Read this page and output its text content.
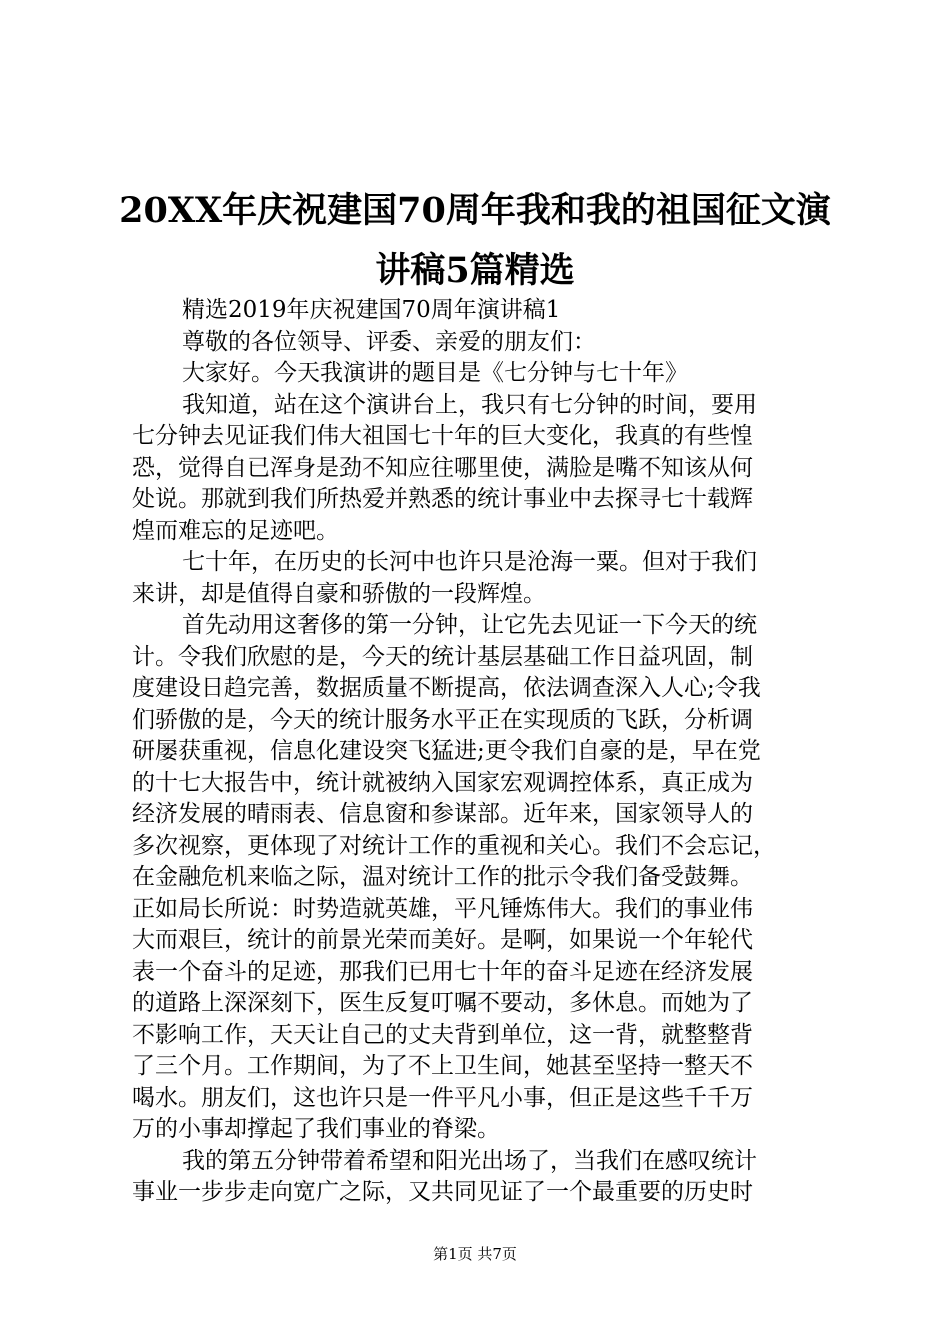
20XX年庆祝建国70周年我和我的祖国征文演
讲稿5篇精选

精选2019年庆祝建国70周年演讲稿1

尊敬的各位领导、评委、亲爱的朋友们：

大家好。今天我演讲的题目是《七分钟与七十年》

我知道，站在这个演讲台上，我只有七分钟的时间，要用
七分钟去见证我们伟大祖国七十年的巨大变化，我真的有些惶
恐，觉得自已浑身是劲不知应往哪里使，满脸是嘴不知该从何
处说。那就到我们所热爱并熟悉的统计事业中去探寻七十载辉
煌而难忘的足迹吧。

七十年，在历史的长河中也许只是沧海一粟。但对于我们
来讲，却是值得自豪和骄傲的一段辉煌。

首先动用这奢侈的第一分钟，让它先去见证一下今天的统
计。令我们欣慰的是，今天的统计基层基础工作日益巩固，制
度建设日趋完善，数据质量不断提高，依法调查深入人心;令我
们骄傲的是，今天的统计服务水平正在实现质的飞跃，分析调
研屡获重视，信息化建设突飞猛进;更令我们自豪的是，早在党
的十七大报告中，统计就被纳入国家宏观调控体系，真正成为
经济发展的晴雨表、信息窗和参谋部。近年来，国家领导人的
多次视察，更体现了对统计工作的重视和关心。我们不会忘记，
在金融危机来临之际，温对统计工作的批示令我们备受鼓舞。
正如局长所说：时势造就英雄，平凡锤炼伟大。我们的事业伟
大而艰巨，统计的前景光荣而美好。是啊，如果说一个年轮代
表一个奋斗的足迹，那我们已用七十年的奋斗足迹在经济发展
的道路上深深刻下，医生反复叮嘱不要动，多休息。而她为了
不影响工作，天天让自己的丈夫背到单位，这一背，就整整背
了三个月。工作期间，为了不上卫生间，她甚至坚持一整天不
喝水。朋友们，这也许只是一件平凡小事，但正是这些千千万
万的小事却撑起了我们事业的脊梁。

我的第五分钟带着希望和阳光出场了，当我们在感叹统计
事业一步步走向宽广之际，又共同见证了一个最重要的历史时

第1页 共7页
